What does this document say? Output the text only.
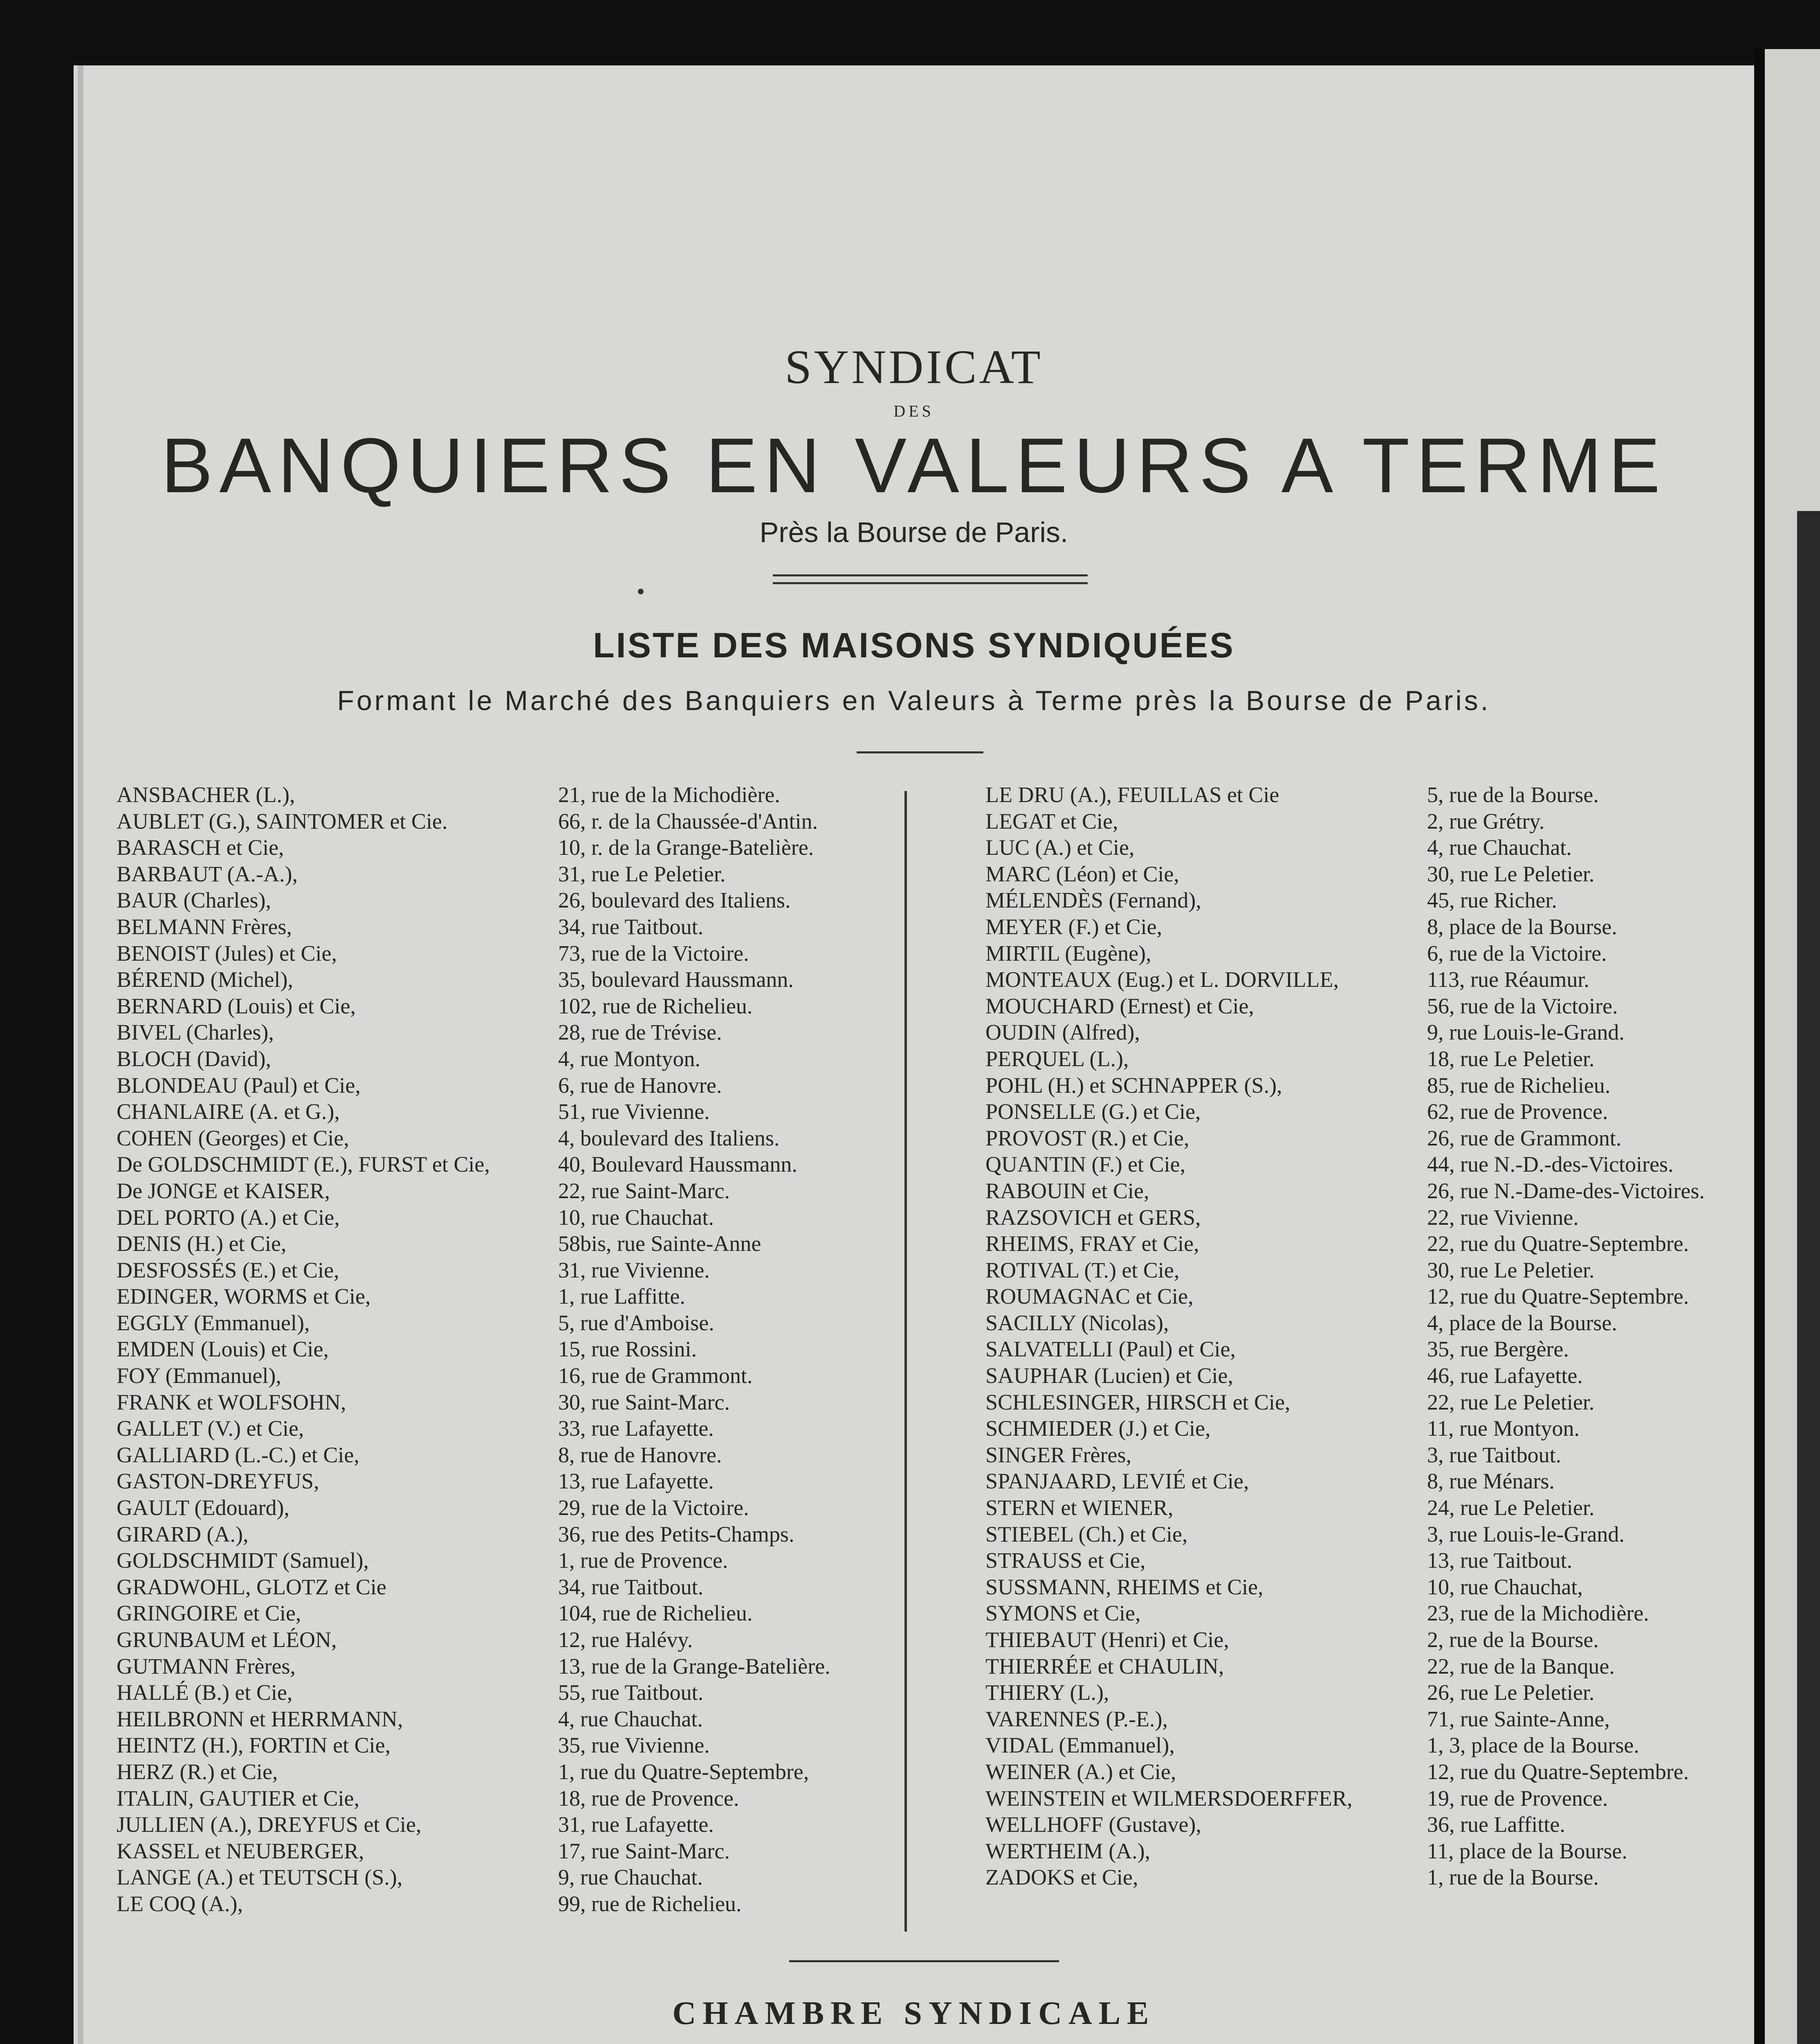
SYNDICAT
DES
BANQUIERS EN VALEURS A TERME
Près la Bourse de Paris.
LISTE DES MAISONS SYNDIQUÉES
Formant le Marché des Banquiers en Valeurs à Terme près la Bourse de Paris.
ANSBACHER (L.),	21, rue de la Michodière.
AUBLET (G.), SAINTOMER et Cie.	66, r. de la Chaussée-d'Antin.
BARASCH et Cie,	10, r. de la Grange-Batelière.
BARBAUT (A.-A.),	31, rue Le Peletier.
BAUR (Charles),	26, boulevard des Italiens.
BELMANN Frères,	34, rue Taitbout.
BENOIST (Jules) et Cie,	73, rue de la Victoire.
BÉREND (Michel),	35, boulevard Haussmann.
BERNARD (Louis) et Cie,	102, rue de Richelieu.
BIVEL (Charles),	28, rue de Trévise.
BLOCH (David),	4, rue Montyon.
BLONDEAU (Paul) et Cie,	6, rue de Hanovre.
CHANLAIRE (A. et G.),	51, rue Vivienne.
COHEN (Georges) et Cie,	4, boulevard des Italiens.
De GOLDSCHMIDT (E.), FURST et Cie,	40, Boulevard Haussmann.
De JONGE et KAISER,	22, rue Saint-Marc.
DEL PORTO (A.) et Cie,	10, rue Chauchat.
DENIS (H.) et Cie,	58bis, rue Sainte-Anne
DESFOSSÉS (E.) et Cie,	31, rue Vivienne.
EDINGER, WORMS et Cie,	1, rue Laffitte.
EGGLY (Emmanuel),	5, rue d'Amboise.
EMDEN (Louis) et Cie,	15, rue Rossini.
FOY (Emmanuel),	16, rue de Grammont.
FRANK et WOLFSOHN,	30, rue Saint-Marc.
GALLET (V.) et Cie,	33, rue Lafayette.
GALLIARD (L.-C.) et Cie,	8, rue de Hanovre.
GASTON-DREYFUS,	13, rue Lafayette.
GAULT (Edouard),	29, rue de la Victoire.
GIRARD (A.),	36, rue des Petits-Champs.
GOLDSCHMIDT (Samuel),	1, rue de Provence.
GRADWOHL, GLOTZ et Cie	34, rue Taitbout.
GRINGOIRE et Cie,	104, rue de Richelieu.
GRUNBAUM et LÉON,	12, rue Halévy.
GUTMANN Frères,	13, rue de la Grange-Batelière.
HALLÉ (B.) et Cie,	55, rue Taitbout.
HEILBRONN et HERRMANN,	4, rue Chauchat.
HEINTZ (H.), FORTIN et Cie,	35, rue Vivienne.
HERZ (R.) et Cie,	1, rue du Quatre-Septembre,
ITALIN, GAUTIER et Cie,	18, rue de Provence.
JULLIEN (A.), DREYFUS et Cie,	31, rue Lafayette.
KASSEL et NEUBERGER,	17, rue Saint-Marc.
LANGE (A.) et TEUTSCH (S.),	9, rue Chauchat.
LE COQ (A.),	99, rue de Richelieu.
LE DRU (A.), FEUILLAS et Cie	5, rue de la Bourse.
LEGAT et Cie,	2, rue Grétry.
LUC (A.) et Cie,	4, rue Chauchat.
MARC (Léon) et Cie,	30, rue Le Peletier.
MÉLENDÈS (Fernand),	45, rue Richer.
MEYER (F.) et Cie,	8, place de la Bourse.
MIRTIL (Eugène),	6, rue de la Victoire.
MONTEAUX (Eug.) et L. DORVILLE,	113, rue Réaumur.
MOUCHARD (Ernest) et Cie,	56, rue de la Victoire.
OUDIN (Alfred),	9, rue Louis-le-Grand.
PERQUEL (L.),	18, rue Le Peletier.
POHL (H.) et SCHNAPPER (S.),	85, rue de Richelieu.
PONSELLE (G.) et Cie,	62, rue de Provence.
PROVOST (R.) et Cie,	26, rue de Grammont.
QUANTIN (F.) et Cie,	44, rue N.-D.-des-Victoires.
RABOUIN et Cie,	26, rue N.-Dame-des-Victoires.
RAZSOVICH et GERS,	22, rue Vivienne.
RHEIMS, FRAY et Cie,	22, rue du Quatre-Septembre.
ROTIVAL (T.) et Cie,	30, rue Le Peletier.
ROUMAGNAC et Cie,	12, rue du Quatre-Septembre.
SACILLY (Nicolas),	4, place de la Bourse.
SALVATELLI (Paul) et Cie,	35, rue Bergère.
SAUPHAR (Lucien) et Cie,	46, rue Lafayette.
SCHLESINGER, HIRSCH et Cie,	22, rue Le Peletier.
SCHMIEDER (J.) et Cie,	11, rue Montyon.
SINGER Frères,	3, rue Taitbout.
SPANJAARD, LEVIÉ et Cie,	8, rue Ménars.
STERN et WIENER,	24, rue Le Peletier.
STIEBEL (Ch.) et Cie,	3, rue Louis-le-Grand.
STRAUSS et Cie,	13, rue Taitbout.
SUSSMANN, RHEIMS et Cie,	10, rue Chauchat,
SYMONS et Cie,	23, rue de la Michodière.
THIEBAUT (Henri) et Cie,	2, rue de la Bourse.
THIERRÉE et CHAULIN,	22, rue de la Banque.
THIERY (L.),	26, rue Le Peletier.
VARENNES (P.-E.),	71, rue Sainte-Anne,
VIDAL (Emmanuel),	1, 3, place de la Bourse.
WEINER (A.) et Cie,	12, rue du Quatre-Septembre.
WEINSTEIN et WILMERSDOERFFER,	19, rue de Provence.
WELLHOFF (Gustave),	36, rue Laffitte.
WERTHEIM (A.),	11, place de la Bourse.
ZADOKS et Cie,	1, rue de la Bourse.
CHAMBRE SYNDICALE
